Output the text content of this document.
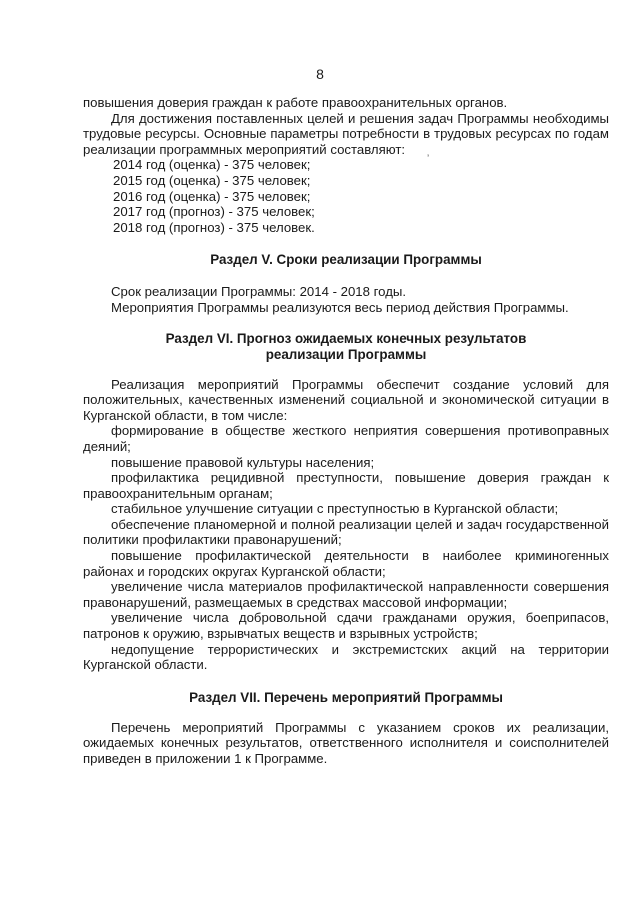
8
ʼ

повышения доверия граждан к работе правоохранительных органов.

Для достижения поставленных целей и решения задач Программы необходимы трудовые ресурсы. Основные параметры потребности в трудовых ресурсах по годам реализации программных мероприятий составляют:

2014 год (оценка) - 375 человек;

2015 год (оценка) - 375 человек;

2016 год (оценка) - 375 человек;

2017 год (прогноз) - 375 человек;

2018 год (прогноз) - 375 человек.

Раздел V. Сроки реализации Программы

Срок реализации Программы: 2014 - 2018 годы.

Мероприятия Программы реализуются весь период действия Программы.

Раздел VI. Прогноз ожидаемых конечных результатов
реализации Программы

Реализация мероприятий Программы обеспечит создание условий для положительных, качественных изменений социальной и экономической ситуации в Курганской области, в том числе:

формирование в обществе жесткого неприятия совершения противоправных деяний;

повышение правовой культуры населения;

профилактика рецидивной преступности, повышение доверия граждан к правоохранительным органам;

стабильное улучшение ситуации с преступностью в Курганской области;

обеспечение планомерной и полной реализации целей и задач государственной политики профилактики правонарушений;

повышение профилактической деятельности в наиболее криминогенных районах и городских округах Курганской области;

увеличение числа материалов профилактической направленности совершения правонарушений, размещаемых в средствах массовой информации;

увеличение числа добровольной сдачи гражданами оружия, боеприпасов, патронов к оружию, взрывчатых веществ и взрывных устройств;

недопущение террористических и экстремистских акций на территории Курганской области.

Раздел VII. Перечень мероприятий Программы

Перечень мероприятий Программы с указанием сроков их реализации, ожидаемых конечных результатов, ответственного исполнителя и соисполнителей приведен в приложении 1 к Программе.
